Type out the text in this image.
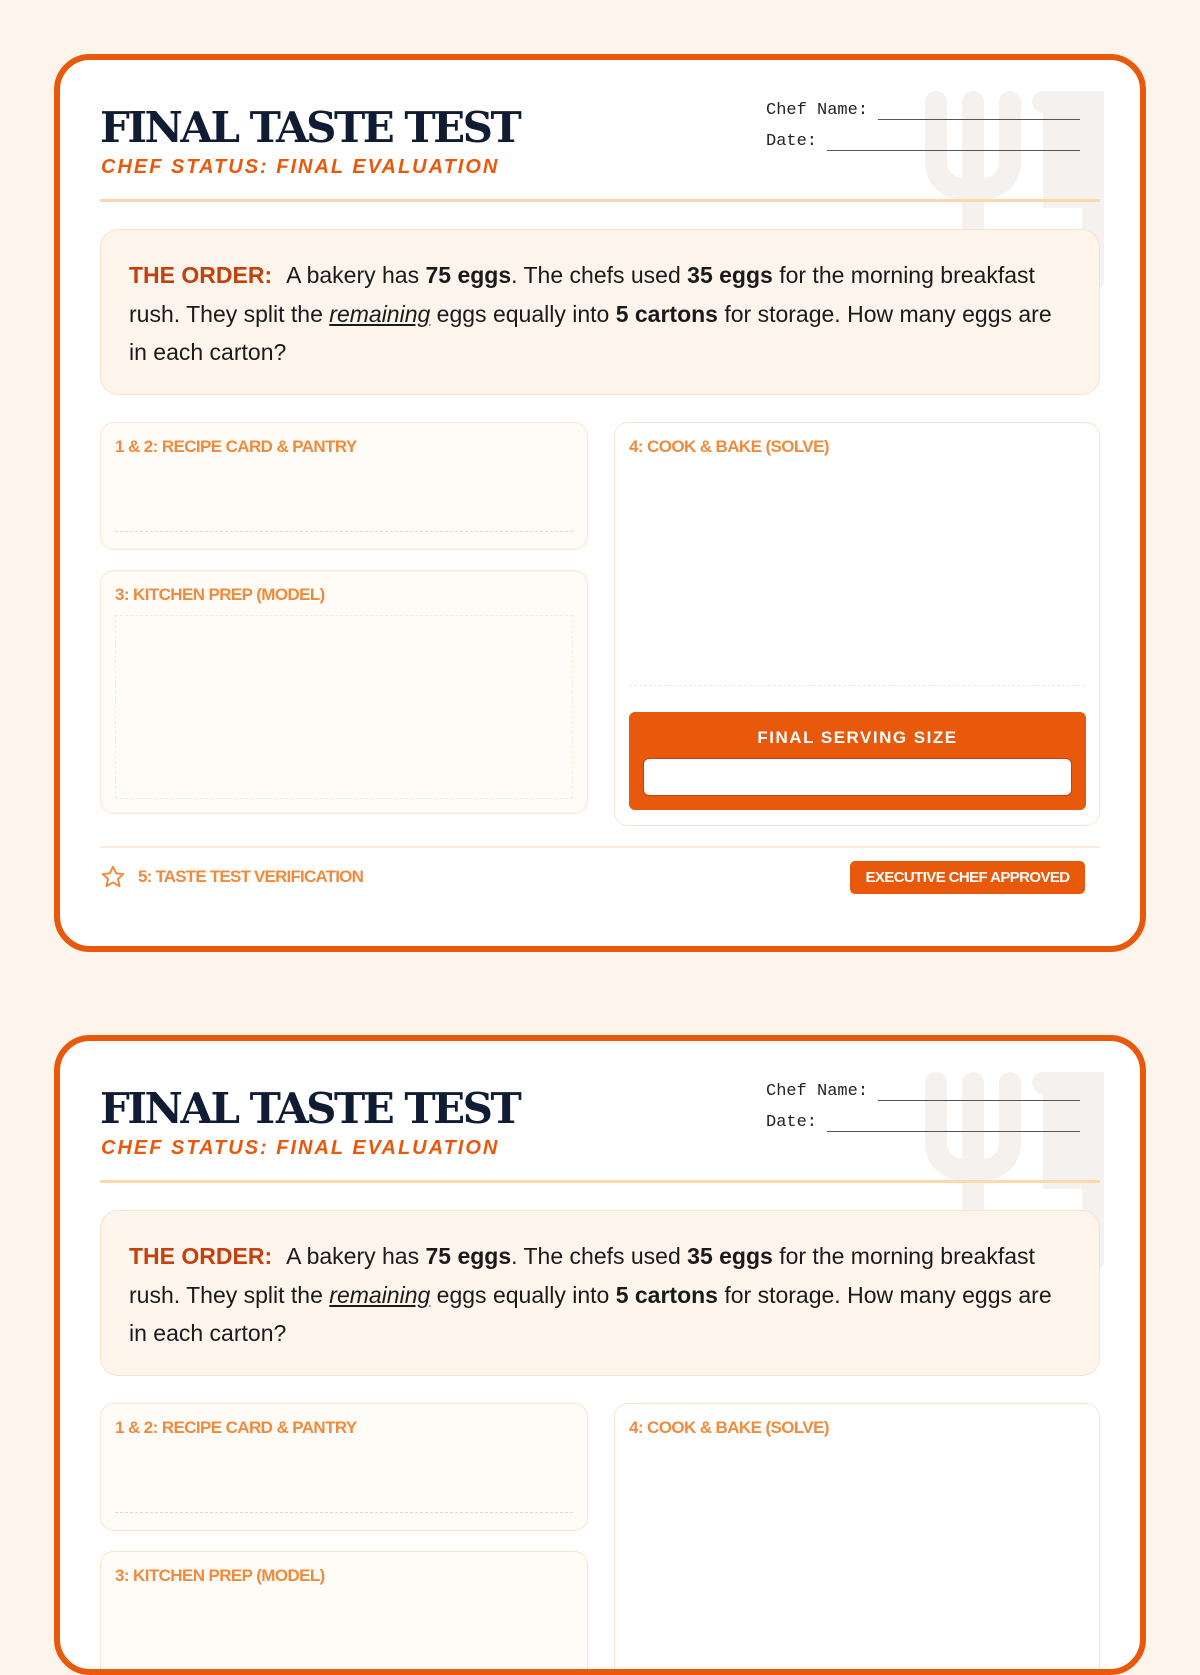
FINAL TASTE TEST
CHEF STATUS: FINAL EVALUATION
Chef Name:
Date:
THE ORDER: A bakery has 75 eggs. The chefs used 35 eggs for the morning breakfast rush. They split the remaining eggs equally into 5 cartons for storage. How many eggs are in each carton?
1 & 2: RECIPE CARD & PANTRY
3: KITCHEN PREP (MODEL)
4: COOK & BAKE (SOLVE)
FINAL SERVING SIZE
5: TASTE TEST VERIFICATION	EXECUTIVE CHEF APPROVED
FINAL TASTE TEST
CHEF STATUS: FINAL EVALUATION
Chef Name:
Date:
THE ORDER: A bakery has 75 eggs. The chefs used 35 eggs for the morning breakfast rush. They split the remaining eggs equally into 5 cartons for storage. How many eggs are in each carton?
1 & 2: RECIPE CARD & PANTRY
3: KITCHEN PREP (MODEL)
4: COOK & BAKE (SOLVE)
